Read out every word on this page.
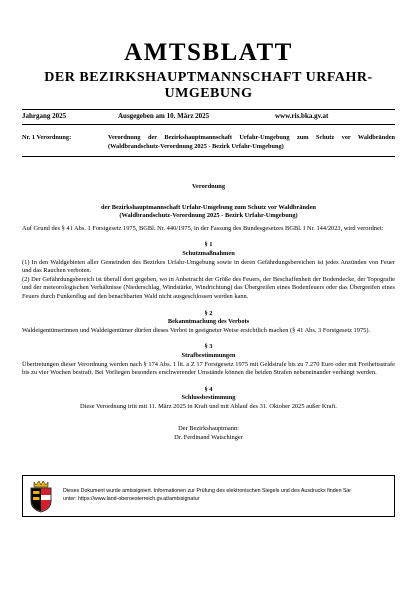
AMTSBLATT
DER BEZIRKSHAUPTMANNSCHAFT URFAHR-
UMGEBUNG
Jahrgang 2025	Ausgegeben am 10. März 2025	www.ris.bka.gv.at
Nr. 1 Verordnung:	Verordnung der Bezirkshauptmannschaft Urfahr-Umgebung zum Schutz vor Waldbränden (Waldbrandschutz-Verordnung 2025 - Bezirk Urfahr-Umgebung)

Verordnung

der Bezirkshauptmannschaft Urfahr-Umgebung zum Schutz vor Waldbränden

(Waldbrandschutz-Verordnung 2025 - Bezirk Urfahr-Umgebung)

Auf Grund des § 41 Abs. 1 Forstgesetz 1975, BGBl. Nr. 440/1975, in der Fassung des Bundesgesetzes BGBl. I Nr. 144/2023, wird verordnet:

§ 1

Schutzmaßnahmen

(1) In den Waldgebieten aller Gemeinden des Bezirkes Urfahr-Umgebung sowie in deren Gefährdungsbereichen ist jedes Anzünden von Feuer und das Rauchen verboten.

(2) Der Gefährdungsbereich ist überall dort gegeben, wo in Anbetracht der Größe des Feuers, der Beschaffenheit der Bodendecke, der Topografie und der meteorologischen Verhältnisse (Niederschlag, Windstärke, Windrichtung) das Übergreifen eines Bodenfeuers oder das Übergreifen eines Feuers durch Funkenflug auf den benachbarten Wald nicht ausgeschlossen werden kann.

§ 2

Bekanntmachung des Verbots

Waldeigentümerinnen und Waldeigentümer dürfen dieses Verbot in geeigneter Weise ersichtlich machen (§ 41 Abs. 3 Forstgesetz 1975).

§ 3

Strafbestimmungen

Übertretungen dieser Verordnung werden nach § 174 Abs. 1 lit. a Z 17 Forstgesetz 1975 mit Geldstrafe bis zu 7.270 Euro oder mit Freiheitsstrafe bis zu vier Wochen bestraft. Bei Vorliegen besonders erschwerender Umstände können die beiden Strafen nebeneinander verhängt werden.

§ 4

Schlussbestimmung

Diese Verordnung tritt mit 11. März 2025 in Kraft und mit Ablauf des 31. Oktober 2025 außer Kraft.

Der Bezirkshauptmann:

Dr. Ferdinand Watschinger

Dieses Dokument wurde amtssigniert. Informationen zur Prüfung des elektronischen Siegels und des Ausdrucks finden Sie
unter: https://www.land-oberoesterreich.gv.at/amtssignatur
